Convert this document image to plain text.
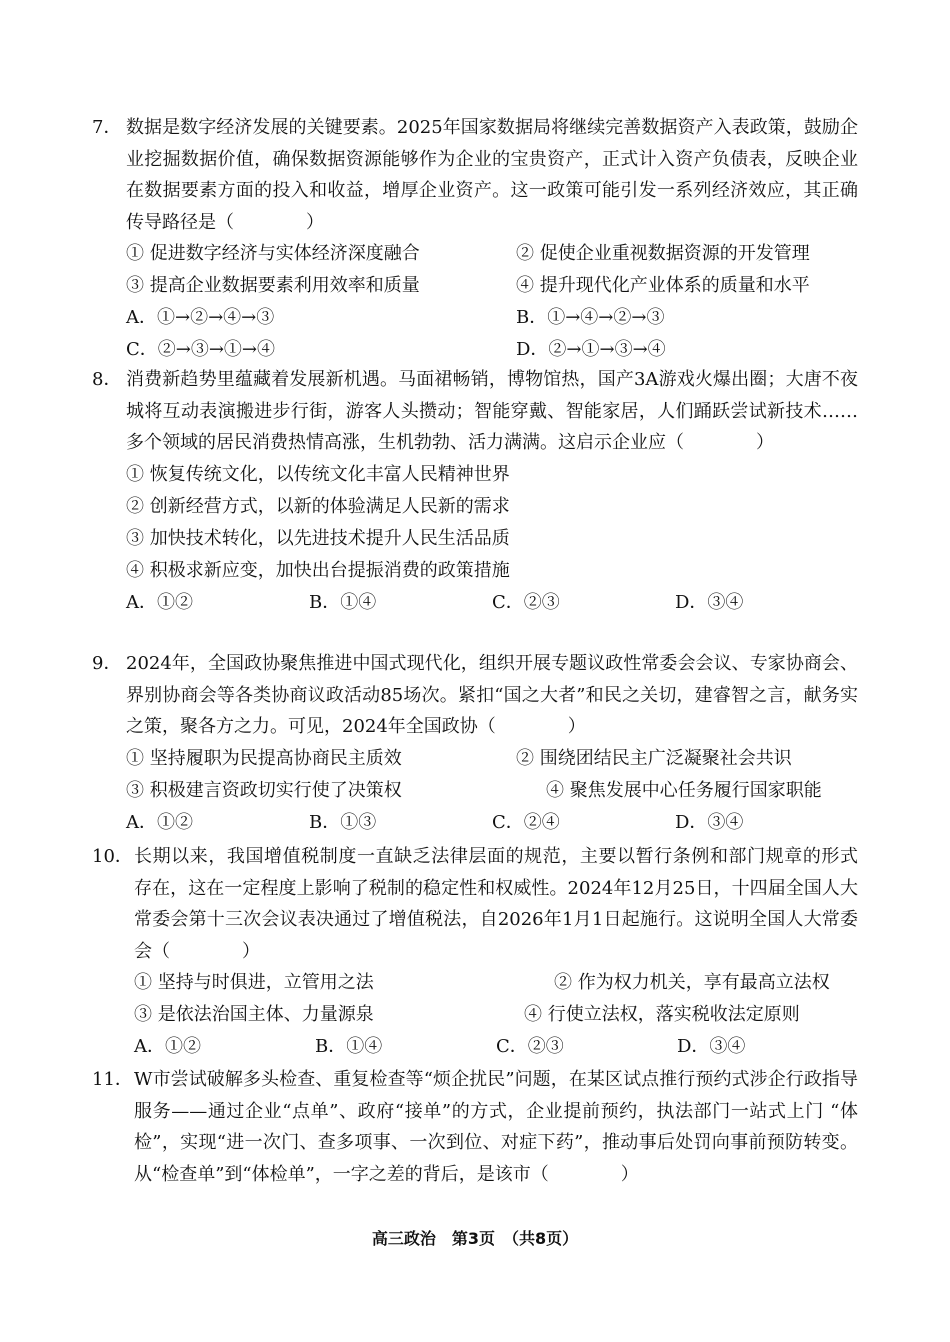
7． 数据是数字经济发展的关键要素。2025年国家数据局将继续完善数据资产入表政策，鼓励企业挖掘数据价值，确保数据资源能够作为企业的宝贵资产，正式计入资产负债表，反映企业在数据要素方面的投入和收益，增厚企业资产。这一政策可能引发一系列经济效应，其正确传导路径是（　　　　）
① 促进数字经济与实体经济深度融合	② 促使企业重视数据资源的开发管理
③ 提高企业数据要素利用效率和质量	④ 提升现代化产业体系的质量和水平
A．①→②→④→③	B．①→④→②→③
C．②→③→①→④	D．②→①→③→④
8． 消费新趋势里蕴藏着发展新机遇。马面裙畅销，博物馆热，国产3A游戏火爆出圈；大唐不夜城将互动表演搬进步行街，游客人头攒动；智能穿戴、智能家居，人们踊跃尝试新技术……多个领域的居民消费热情高涨，生机勃勃、活力满满。这启示企业应（　　　　）
① 恢复传统文化，以传统文化丰富人民精神世界
② 创新经营方式，以新的体验满足人民新的需求
③ 加快技术转化，以先进技术提升人民生活品质
④ 积极求新应变，加快出台提振消费的政策措施
A．①②	B．①④	C．②③	D．③④
9． 2024年，全国政协聚焦推进中国式现代化，组织开展专题议政性常委会会议、专家协商会、界别协商会等各类协商议政活动85场次。紧扣“国之大者”和民之关切，建睿智之言，献务实之策，聚各方之力。可见，2024年全国政协（　　　　）
① 坚持履职为民提高协商民主质效	② 围绕团结民主广泛凝聚社会共识
③ 积极建言资政切实行使了决策权	④ 聚焦发展中心任务履行国家职能
A．①②	B．①③	C．②④	D．③④
10． 长期以来，我国增值税制度一直缺乏法律层面的规范，主要以暂行条例和部门规章的形式 存在，这在一定程度上影响了税制的稳定性和权威性。2024年12月25日，十四届全国人大常委会第十三次会议表决通过了增值税法，自2026年1月1日起施行。这说明全国人大常委会（　　　　）
① 坚持与时俱进，立管用之法	② 作为权力机关，享有最高立法权
③ 是依法治国主体、力量源泉	④ 行使立法权，落实税收法定原则
A．①②	B．①④	C．②③	D．③④
11． W市尝试破解多头检查、重复检查等“烦企扰民”问题，在某区试点推行预约式涉企行政指导服务——通过企业“点单”、政府“接单”的方式，企业提前预约，执法部门一站式上门 “体检”，实现“进一次门、查多项事、一次到位、对症下药”，推动事后处罚向事前预防转变。从“检查单”到“体检单”，一字之差的背后，是该市（　　　　）
高三政治　第3页　（共8页）
